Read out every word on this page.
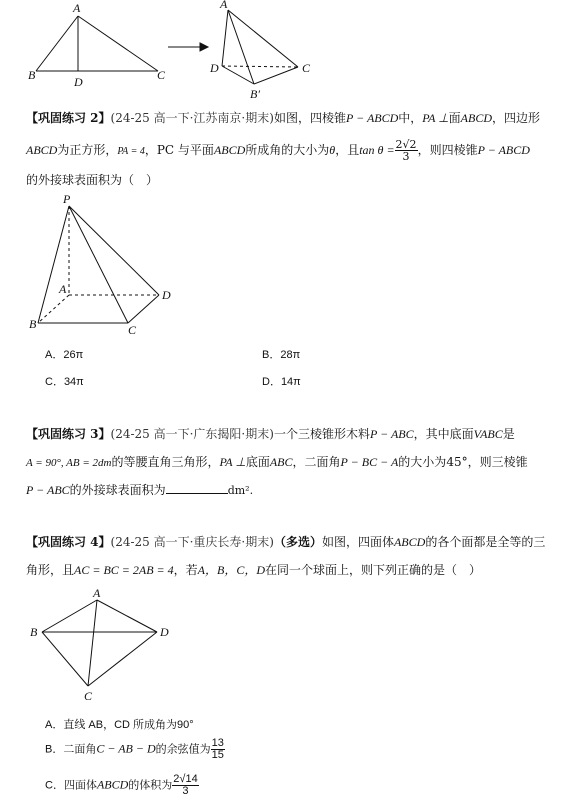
A
B	D	C
A
D	C
B′
【巩固练习 2】(24-25 高一下·江苏南京·期末)如图，四棱锥P − ABCD中，PA ⊥面ABCD，四边形
ABCD为正方形，PA = 4，PC 与平面ABCD所成角的大小为θ，且$\tan \theta = \frac{2√2}{3}$ ，则四棱锥P − ABCD
的外接球表面积为（　）
P
A
B	C
D
A．26π	B．28π
C．34π	D．14π
【巩固练习 3】(24-25 高一下·广东揭阳·期末)一个三棱锥形木料P − ABC，其中底面VABC是
A = 90°, AB = 2dm的等腰直角三角形，PA ⊥底面ABC，二面角P − BC − A的大小为45°，则三棱锥
P − ABC的外接球表面积为	dm².
【巩固练习 4】(24-25 高一下·重庆长寿·期末)（多选）如图，四面体ABCD的各个面都是全等的三
角形，且AC = BC = 2AB = 4，若A，B，C，D在同一个球面上，则下列正确的是（　）
A
B	D
C
A．直线 AB，CD 所成角为90°
B．二面角C − AB − D的余弦值为 $\frac{13}{15}$
C．四面体ABCD的体积为 $\frac{2√14}{3}$
